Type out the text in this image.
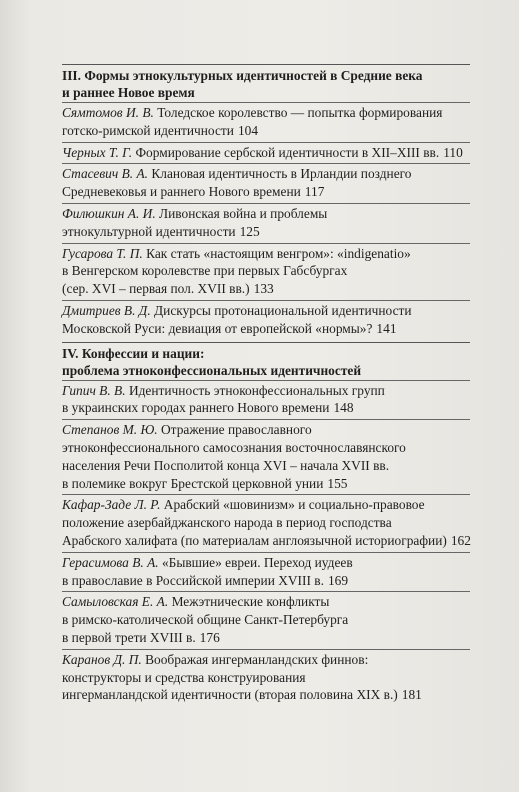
III. Формы этнокультурных идентичностей в Средние века
и раннее Новое время
Сямтомов И. В. Толедское королевство — попытка формирования
готско-римской идентичности 104
Черных Т. Г. Формирование сербской идентичности в XII–XIII вв. 110
Стасевич В. А. Клановая идентичность в Ирландии позднего
Средневековья и раннего Нового времени 117
Филюшкин А. И. Ливонская война и проблемы
этнокультурной идентичности 125
Гусарова Т. П. Как стать «настоящим венгром»: «indigenatio»
в Венгерском королевстве при первых Габсбургах
(сер. XVI – первая пол. XVII вв.) 133
Дмитриев В. Д. Дискурсы протонациональной идентичности
Московской Руси: девиация от европейской «нормы»? 141
IV. Конфессии и нации:
проблема этноконфессиональных идентичностей
Гипич В. В. Идентичность этноконфессиональных групп
в украинских городах раннего Нового времени 148
Степанов М. Ю. Отражение православного
этноконфессионального самосознания восточнославянского
населения Речи Посполитой конца XVI – начала XVII вв.
в полемике вокруг Брестской церковной унии 155
Кафар-Заде Л. Р. Арабский «шовинизм» и социально-правовое
положение азербайджанского народа в период господства
Арабского халифата (по материалам англоязычной историографии) 162
Герасимова В. А. «Бывшие» евреи. Переход иудеев
в православие в Российской империи XVIII в. 169
Самыловская Е. А. Межэтнические конфликты
в римско-католической общине Санкт-Петербурга
в первой трети XVIII в. 176
Каранов Д. П. Воображая ингерманландских финнов:
конструкторы и средства конструирования
ингерманландской идентичности (вторая половина XIX в.) 181
